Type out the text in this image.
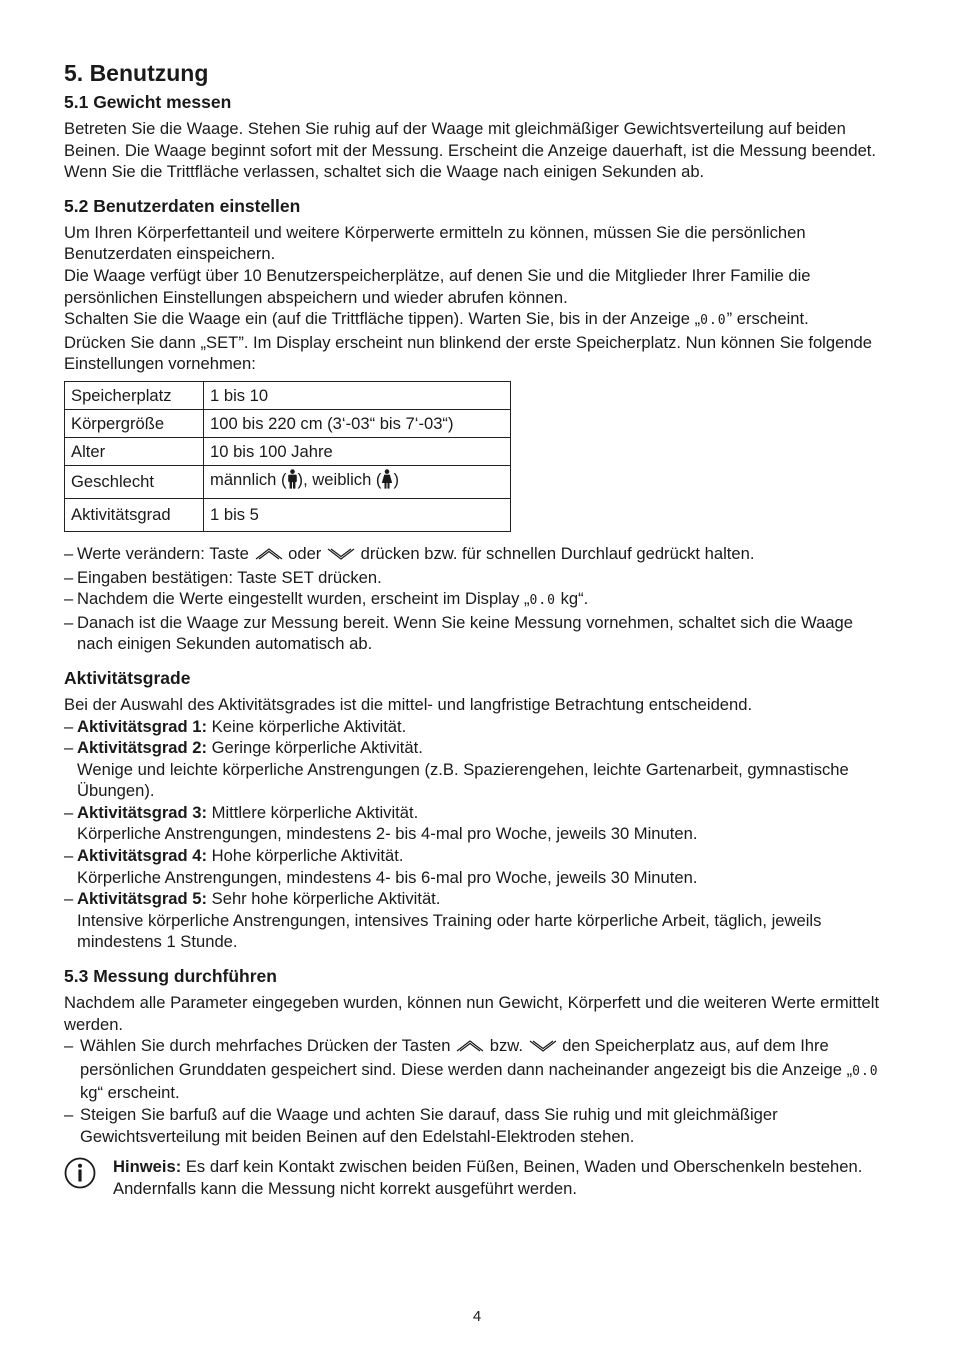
5. Benutzung
5.1 Gewicht messen

Betreten Sie die Waage. Stehen Sie ruhig auf der Waage mit gleichmäßiger Gewichtsverteilung auf beiden Beinen. Die Waage beginnt sofort mit der Messung. Erscheint die Anzeige dauerhaft, ist die Messung beendet.

Wenn Sie die Trittfläche verlassen, schaltet sich die Waage nach einigen Sekunden ab.

5.2 Benutzerdaten einstellen

Um Ihren Körperfettanteil und weitere Körperwerte ermitteln zu können, müssen Sie die persönlichen Benutzerdaten einspeichern.

Die Waage verfügt über 10 Benutzerspeicherplätze, auf denen Sie und die Mitglieder Ihrer Familie die persönlichen Einstellungen abspeichern und wieder abrufen können.

Schalten Sie die Waage ein (auf die Trittfläche tippen). Warten Sie, bis in der Anzeige „0.0” erscheint.

Drücken Sie dann „SET”. Im Display erscheint nun blinkend der erste Speicherplatz. Nun können Sie folgende Einstellungen vornehmen:

Speicherplatz	1 bis 10
Körpergröße	100 bis 220 cm (3‘-03“ bis 7‘-03“)
Alter	10 bis 100 Jahre
Geschlecht	männlich ( ), weiblich ( )
Aktivitätsgrad	1 bis 5
– Werte verändern: Taste oder drücken bzw. für schnellen Durchlauf gedrückt halten.
– Eingaben bestätigen: Taste SET drücken.
– Nachdem die Werte eingestellt wurden, erscheint im Display „0.0 kg“.
– Danach ist die Waage zur Messung bereit. Wenn Sie keine Messung vornehmen, schaltet sich die Waage nach einigen Sekunden automatisch ab.
Aktivitätsgrade

Bei der Auswahl des Aktivitätsgrades ist die mittel- und langfristige Betrachtung entscheidend.

– Aktivitätsgrad 1: Keine körperliche Aktivität.
– Aktivitätsgrad 2: Geringe körperliche Aktivität.
Wenige und leichte körperliche Anstrengungen (z.B. Spazierengehen, leichte Gartenarbeit, gymnastische Übungen).
– Aktivitätsgrad 3: Mittlere körperliche Aktivität.
Körperliche Anstrengungen, mindestens 2- bis 4-mal pro Woche, jeweils 30 Minuten.
– Aktivitätsgrad 4: Hohe körperliche Aktivität.
Körperliche Anstrengungen, mindestens 4- bis 6-mal pro Woche, jeweils 30 Minuten.
– Aktivitätsgrad 5: Sehr hohe körperliche Aktivität.
Intensive körperliche Anstrengungen, intensives Training oder harte körperliche Arbeit, täglich, jeweils mindestens 1 Stunde.
5.3 Messung durchführen

Nachdem alle Parameter eingegeben wurden, können nun Gewicht, Körperfett und die weiteren Werte ermittelt werden.

– Wählen Sie durch mehrfaches Drücken der Tasten bzw. den Speicherplatz aus, auf dem Ihre persönlichen Grunddaten gespeichert sind. Diese werden dann nacheinander angezeigt bis die Anzeige „0.0 kg“ erscheint.
– Steigen Sie barfuß auf die Waage und achten Sie darauf, dass Sie ruhig und mit gleichmäßiger Gewichtsverteilung mit beiden Beinen auf den Edelstahl-Elektroden stehen.

Hinweis: Es darf kein Kontakt zwischen beiden Füßen, Beinen, Waden und Oberschenkeln bestehen. Andernfalls kann die Messung nicht korrekt ausgeführt werden.

4
